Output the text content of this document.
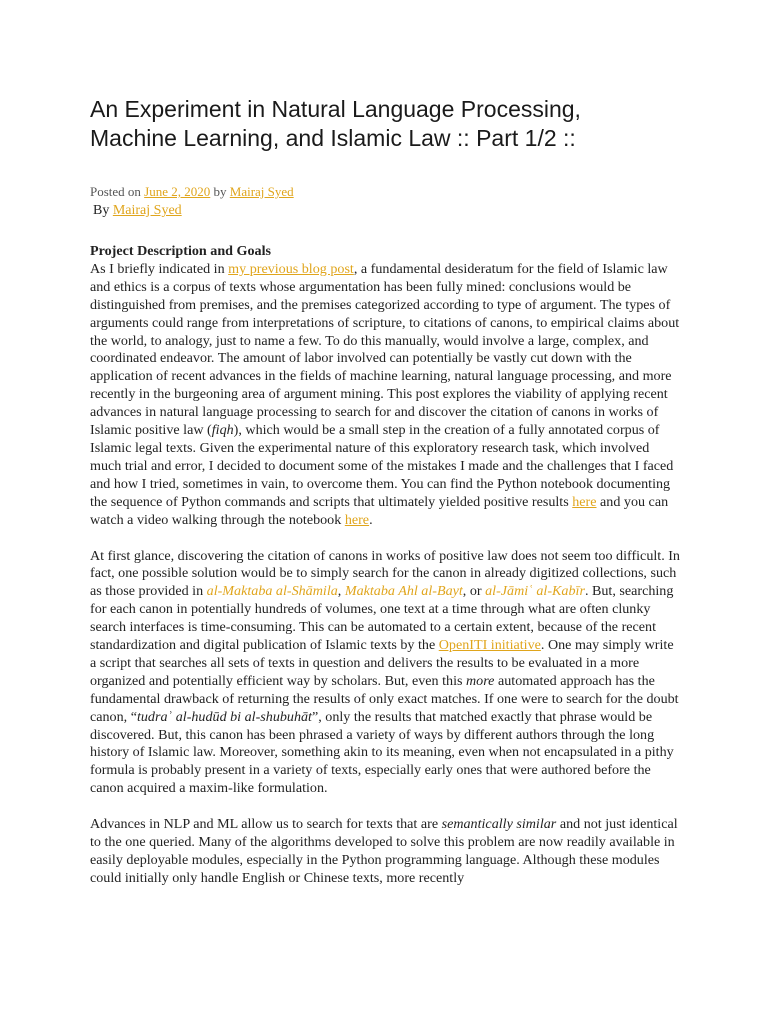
An Experiment in Natural Language Processing,
Machine Learning, and Islamic Law :: Part 1/2 ::
Posted on June 2, 2020 by Mairaj Syed
By Mairaj Syed

Project Description and Goals
As I briefly indicated in my previous blog post, a fundamental desideratum for the field of Islamic law and ethics is a corpus of texts whose argumentation has been fully mined: conclusions would be distinguished from premises, and the premises categorized according to type of argument. The types of arguments could range from interpretations of scripture, to citations of canons, to empirical claims about the world, to analogy, just to name a few. To do this manually, would involve a large, complex, and coordinated endeavor. The amount of labor involved can potentially be vastly cut down with the application of recent advances in the fields of machine learning, natural language processing, and more recently in the burgeoning area of argument mining. This post explores the viability of applying recent advances in natural language processing to search for and discover the citation of canons in works of Islamic positive law (fiqh), which would be a small step in the creation of a fully annotated corpus of Islamic legal texts. Given the experimental nature of this exploratory research task, which involved much trial and error, I decided to document some of the mistakes I made and the challenges that I faced and how I tried, sometimes in vain, to overcome them. You can find the Python notebook documenting the sequence of Python commands and scripts that ultimately yielded positive results here and you can watch a video walking through the notebook here.

At first glance, discovering the citation of canons in works of positive law does not seem too difficult. In fact, one possible solution would be to simply search for the canon in already digitized collections, such as those provided in al-Maktaba al-Shāmila, Maktaba Ahl al-Bayt, or al-Jāmiʿ al-Kabīr. But, searching for each canon in potentially hundreds of volumes, one text at a time through what are often clunky search interfaces is time-consuming. This can be automated to a certain extent, because of the recent standardization and digital publication of Islamic texts by the OpenITI initiative. One may simply write a script that searches all sets of texts in question and delivers the results to be evaluated in a more organized and potentially efficient way by scholars. But, even this more automated approach has the fundamental drawback of returning the results of only exact matches. If one were to search for the doubt canon, “tudraʾ al-hudūd bi al-shubuhāt”, only the results that matched exactly that phrase would be discovered. But, this canon has been phrased a variety of ways by different authors through the long history of Islamic law. Moreover, something akin to its meaning, even when not encapsulated in a pithy formula is probably present in a variety of texts, especially early ones that were authored before the canon acquired a maxim-like formulation.

Advances in NLP and ML allow us to search for texts that are semantically similar and not just identical to the one queried. Many of the algorithms developed to solve this problem are now readily available in easily deployable modules, especially in the Python programming language. Although these modules could initially only handle English or Chinese texts, more recently
